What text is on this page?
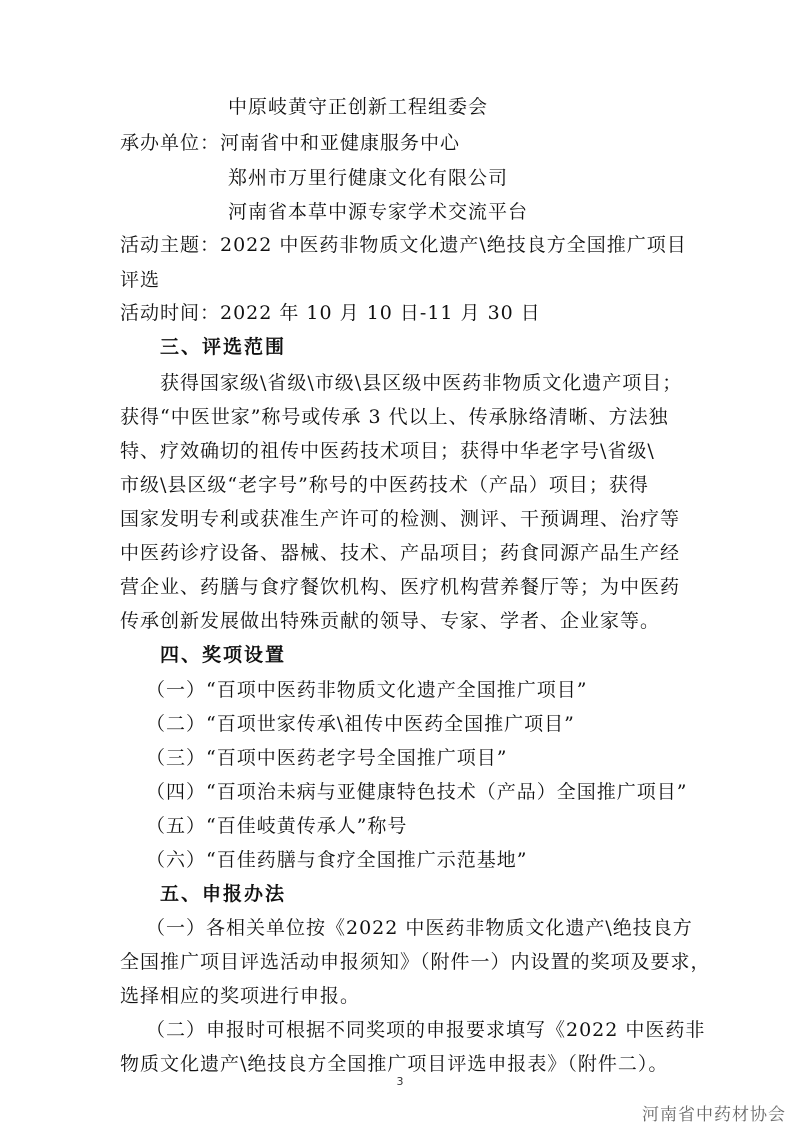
中原岐黄守正创新工程组委会
承办单位：河南省中和亚健康服务中心
郑州市万里行健康文化有限公司
河南省本草中源专家学术交流平台
活动主题：2022 中医药非物质文化遗产\绝技良方全国推广项目
评选
活动时间：2022 年 10 月 10 日-11 月 30 日
三、评选范围
获得国家级\省级\市级\县区级中医药非物质文化遗产项目；
获得“中医世家”称号或传承 3 代以上、传承脉络清晰、方法独
特、疗效确切的祖传中医药技术项目；获得中华老字号\省级\
市级\县区级“老字号”称号的中医药技术（产品）项目；获得
国家发明专利或获准生产许可的检测、测评、干预调理、治疗等
中医药诊疗设备、器械、技术、产品项目；药食同源产品生产经
营企业、药膳与食疗餐饮机构、医疗机构营养餐厅等；为中医药
传承创新发展做出特殊贡献的领导、专家、学者、企业家等。
四、奖项设置
（一）“百项中医药非物质文化遗产全国推广项目”
（二）“百项世家传承\祖传中医药全国推广项目”
（三）“百项中医药老字号全国推广项目”
（四）“百项治未病与亚健康特色技术（产品）全国推广项目”
（五）“百佳岐黄传承人”称号
（六）“百佳药膳与食疗全国推广示范基地”
五、申报办法
（一）各相关单位按《2022 中医药非物质文化遗产\绝技良方
全国推广项目评选活动申报须知》（附件一）内设置的奖项及要求，
选择相应的奖项进行申报。
（二）申报时可根据不同奖项的申报要求填写《2022 中医药非
物质文化遗产\绝技良方全国推广项目评选申报表》（附件二）。
3
河南省中药材协会
